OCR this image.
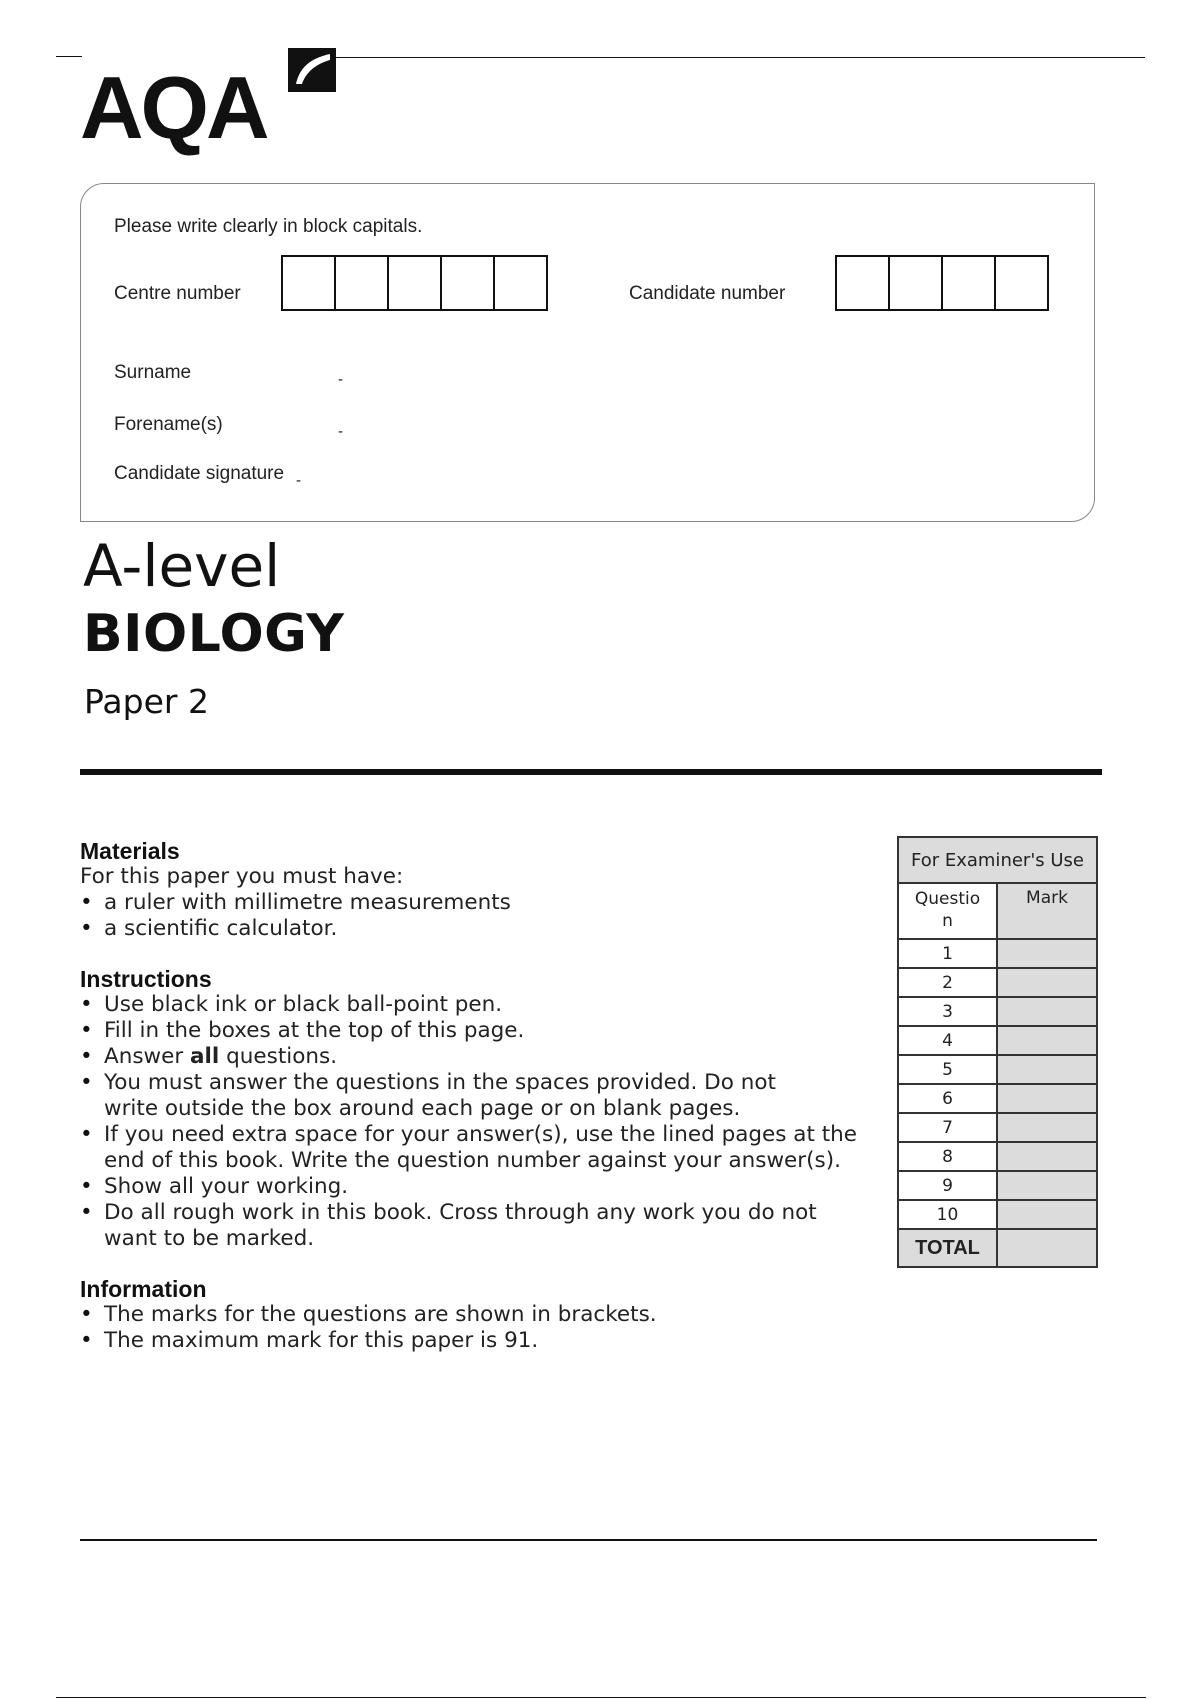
AQA
Please write clearly in block capitals.
Centre number	Candidate number
Surname	-
Forename(s)	-
Candidate signature -
A-level
BIOLOGY
Paper 2
Materials
For this paper you must have:
• a ruler with millimetre measurements
• a scientific calculator.
Instructions
• Use black ink or black ball-point pen.
• Fill in the boxes at the top of this page.
• Answer all questions.
• You must answer the questions in the spaces provided. Do not write outside the box around each page or on blank pages.
• If you need extra space for your answer(s), use the lined pages at the end of this book. Write the question number against your answer(s).
• Show all your working.
• Do all rough work in this book. Cross through any work you do not want to be marked.
Information
• The marks for the questions are shown in brackets.
• The maximum mark for this paper is 91.
For Examiner's Use	
Question	Mark
1	
2	
3	
4	
5	
6	
7	
8	
9	
10	
TOTAL	
